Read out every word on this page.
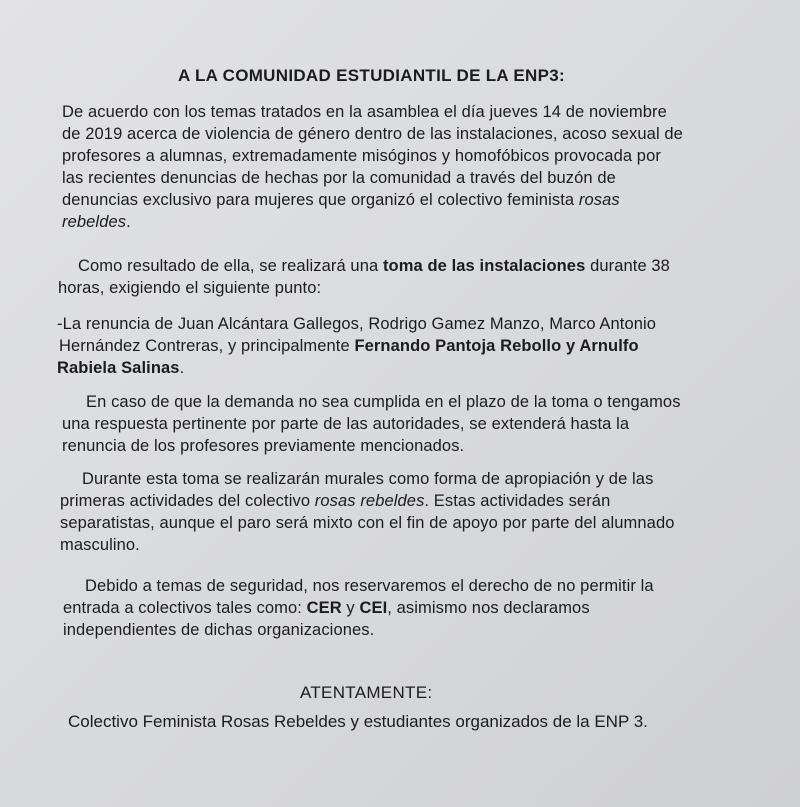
A LA COMUNIDAD ESTUDIANTIL DE LA ENP3:
De acuerdo con los temas tratados en la asamblea el día jueves 14 de noviembre
de 2019 acerca de violencia de género dentro de las instalaciones, acoso sexual de
profesores a alumnas, extremadamente misóginos y homofóbicos provocada por
las recientes denuncias de hechas por la comunidad a través del buzón de
denuncias exclusivo para mujeres que organizó el colectivo feminista rosas
rebeldes.
Como resultado de ella, se realizará una toma de las instalaciones durante 38
horas, exigiendo el siguiente punto:
-La renuncia de Juan Alcántara Gallegos, Rodrigo Gamez Manzo, Marco Antonio
Hernández Contreras, y principalmente Fernando Pantoja Rebollo y Arnulfo
Rabiela Salinas.
En caso de que la demanda no sea cumplida en el plazo de la toma o tengamos
una respuesta pertinente por parte de las autoridades, se extenderá hasta la
renuncia de los profesores previamente mencionados.
Durante esta toma se realizarán murales como forma de apropiación y de las
primeras actividades del colectivo rosas rebeldes. Estas actividades serán
separatistas, aunque el paro será mixto con el fin de apoyo por parte del alumnado
masculino.
Debido a temas de seguridad, nos reservaremos el derecho de no permitir la
entrada a colectivos tales como: CER y CEI, asimismo nos declaramos
independientes de dichas organizaciones.
ATENTAMENTE:
Colectivo Feminista Rosas Rebeldes y estudiantes organizados de la ENP 3.
